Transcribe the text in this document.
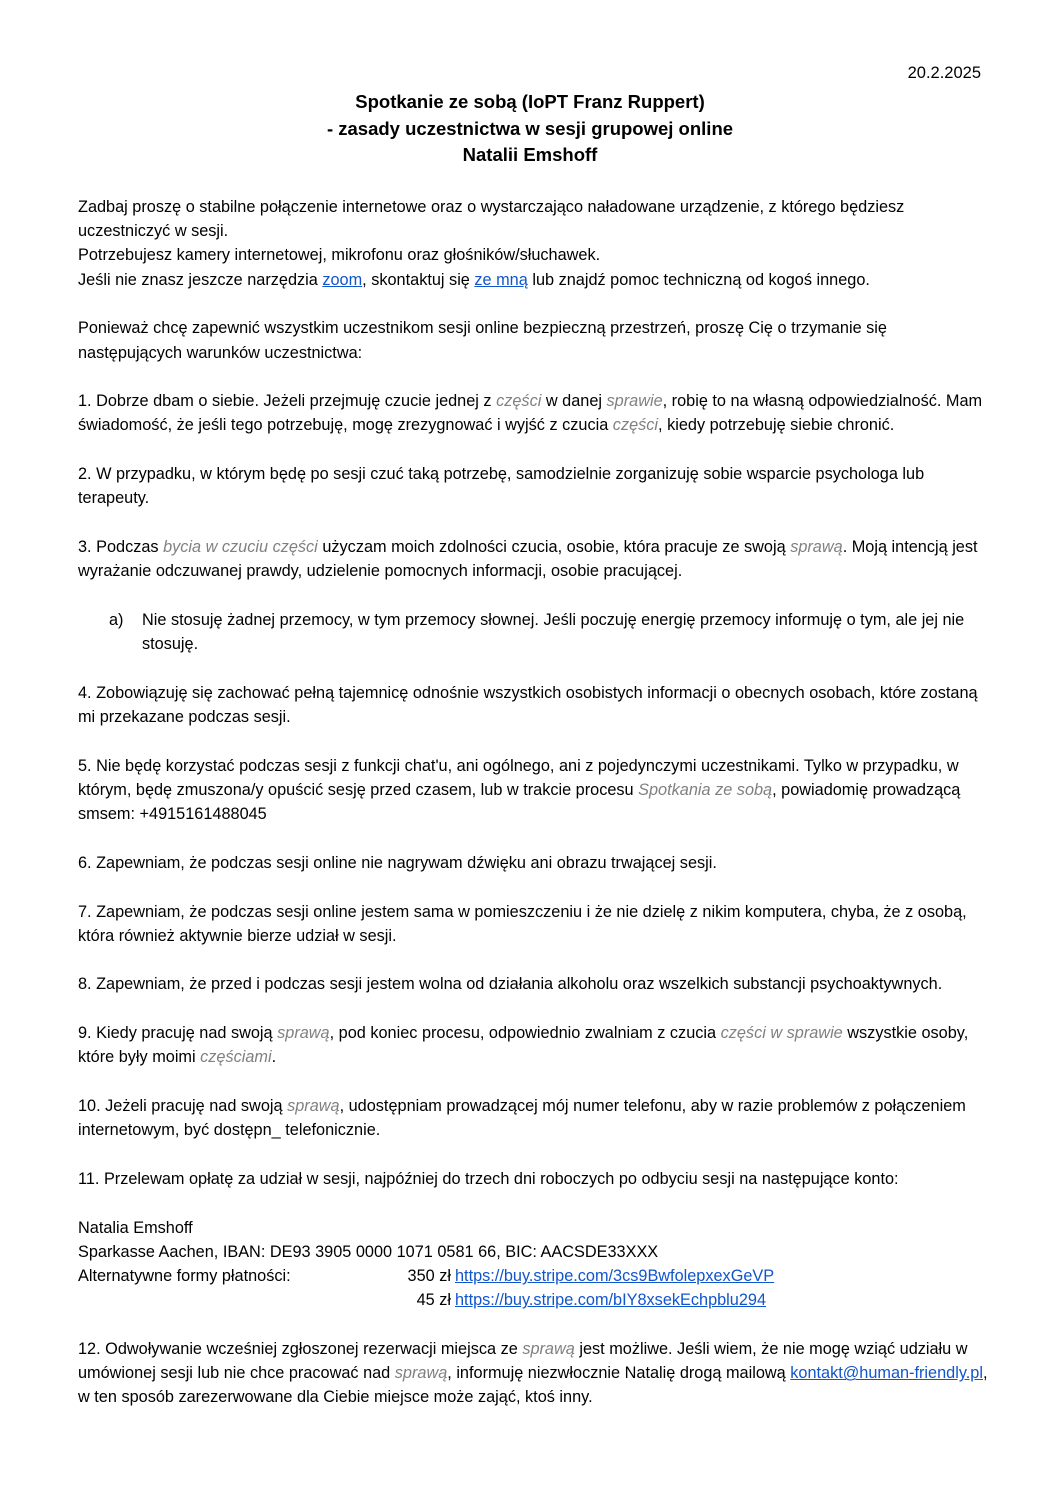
20.2.2025
Spotkanie ze sobą (IoPT Franz Ruppert)
- zasady uczestnictwa w sesji grupowej online
Natalii Emshoff

Zadbaj proszę o stabilne połączenie internetowe oraz o wystarczająco naładowane urządzenie, z którego będziesz uczestniczyć w sesji.

Potrzebujesz kamery internetowej, mikrofonu oraz głośników/słuchawek.

Jeśli nie znasz jeszcze narzędzia zoom, skontaktuj się ze mną lub znajdź pomoc techniczną od kogoś innego.

Ponieważ chcę zapewnić wszystkim uczestnikom sesji online bezpieczną przestrzeń, proszę Cię o trzymanie się następujących warunków uczestnictwa:

1. Dobrze dbam o siebie. Jeżeli przejmuję czucie jednej z części w danej sprawie, robię to na własną odpowiedzialność. Mam świadomość, że jeśli tego potrzebuję, mogę zrezygnować i wyjść z czucia części, kiedy potrzebuję siebie chronić.

2. W przypadku, w którym będę po sesji czuć taką potrzebę, samodzielnie zorganizuję sobie wsparcie psychologa lub terapeuty.

3. Podczas bycia w czuciu części użyczam moich zdolności czucia, osobie, która pracuje ze swoją sprawą. Moją intencją jest wyrażanie odczuwanej prawdy, udzielenie pomocnych informacji, osobie pracującej.

a) Nie stosuję żadnej przemocy, w tym przemocy słownej. Jeśli poczuję energię przemocy informuję o tym, ale jej nie stosuję.

4. Zobowiązuję się zachować pełną tajemnicę odnośnie wszystkich osobistych informacji o obecnych osobach, które zostaną mi przekazane podczas sesji.

5. Nie będę korzystać podczas sesji z funkcji chat'u, ani ogólnego, ani z pojedynczymi uczestnikami. Tylko w przypadku, w którym, będę zmuszona/y opuścić sesję przed czasem, lub w trakcie procesu Spotkania ze sobą, powiadomię prowadzącą smsem: +4915161488045

6. Zapewniam, że podczas sesji online nie nagrywam dźwięku ani obrazu trwającej sesji.

7. Zapewniam, że podczas sesji online jestem sama w pomieszczeniu i że nie dzielę z nikim komputera, chyba, że z osobą, która również aktywnie bierze udział w sesji.

8. Zapewniam, że przed i podczas sesji jestem wolna od działania alkoholu oraz wszelkich substancji psychoaktywnych.

9. Kiedy pracuję nad swoją sprawą, pod koniec procesu, odpowiednio zwalniam z czucia części w sprawie wszystkie osoby, które były moimi częściami.

10. Jeżeli pracuję nad swoją sprawą, udostępniam prowadzącej mój numer telefonu, aby w razie problemów z połączeniem internetowym, być dostępn_ telefonicznie.

11. Przelewam opłatę za udział w sesji, najpóźniej do trzech dni roboczych po odbyciu sesji na następujące konto:

Natalia Emshoff
Sparkasse Aachen, IBAN: DE93 3905 0000 1071 0581 66, BIC: AACSDE33XXX
Alternatywne formy płatności:	350 zł https://buy.stripe.com/3cs9BwfolepxexGeVP
45 zł https://buy.stripe.com/bIY8xsekEchpblu294

12. Odwoływanie wcześniej zgłoszonej rezerwacji miejsca ze sprawą jest możliwe. Jeśli wiem, że nie mogę wziąć udziału w umówionej sesji lub nie chce pracować nad sprawą, informuję niezwłocznie Natalię drogą mailową kontakt@human-friendly.pl, w ten sposób zarezerwowane dla Ciebie miejsce może zająć, ktoś inny.
